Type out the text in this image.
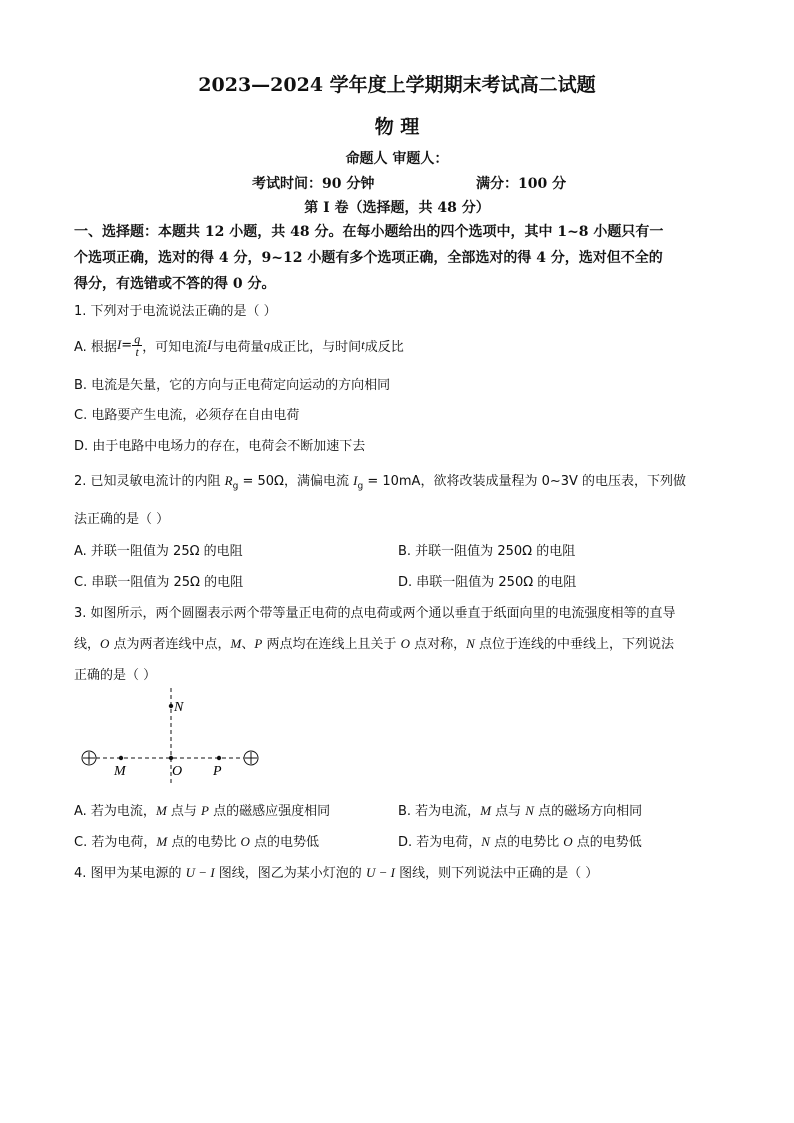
2023—2024 学年度上学期期末考试高二试题
物 理
命题人 审题人：
考试时间：90 分钟	满分：100 分
第 I 卷（选择题，共 48 分）
一、选择题：本题共 12 小题，共 48 分。在每小题给出的四个选项中，其中 1~8 小题只有一
个选项正确，选对的得 4 分，9~12 小题有多个选项正确，全部选对的得 4 分，选对但不全的
得分，有选错或不答的得 0 分。
1. 下列对于电流说法正确的是（ ）
A. 根据 $I = \frac{q}{t}$ ，可知电流 I 与电荷量 q 成正比，与时间 t 成反比
B. 电流是矢量，它的方向与正电荷定向运动的方向相同
C. 电路要产生电流，必须存在自由电荷
D. 由于电路中电场力的存在，电荷会不断加速下去
2. 已知灵敏电流计的内阻 $R_g = 50\Omega$，满偏电流 $I_g = 10mA$，欲将改装成量程为 0~3V 的电压表，下列做
法正确的是（ ）
A. 并联一阻值为 25Ω 的电阻	B. 并联一阻值为 250Ω 的电阻
C. 串联一阻值为 25Ω 的电阻	D. 串联一阻值为 250Ω 的电阻
3. 如图所示，两个圆圈表示两个带等量正电荷的点电荷或两个通以垂直于纸面向里的电流强度相等的直导
线，O 点为两者连线中点，M、P 两点均在连线上且关于 O 点对称，N 点位于连线的中垂线上，下列说法
正确的是（ ）
N
M	O P
A. 若为电流，M 点与 P 点的磁感应强度相同	B. 若为电流，M 点与 N 点的磁场方向相同
C. 若为电荷，M 点的电势比 O 点的电势低	D. 若为电荷，N 点的电势比 O 点的电势低
4. 图甲为某电源的 U − I 图线，图乙为某小灯泡的 U − I 图线，则下列说法中正确的是（ ）
